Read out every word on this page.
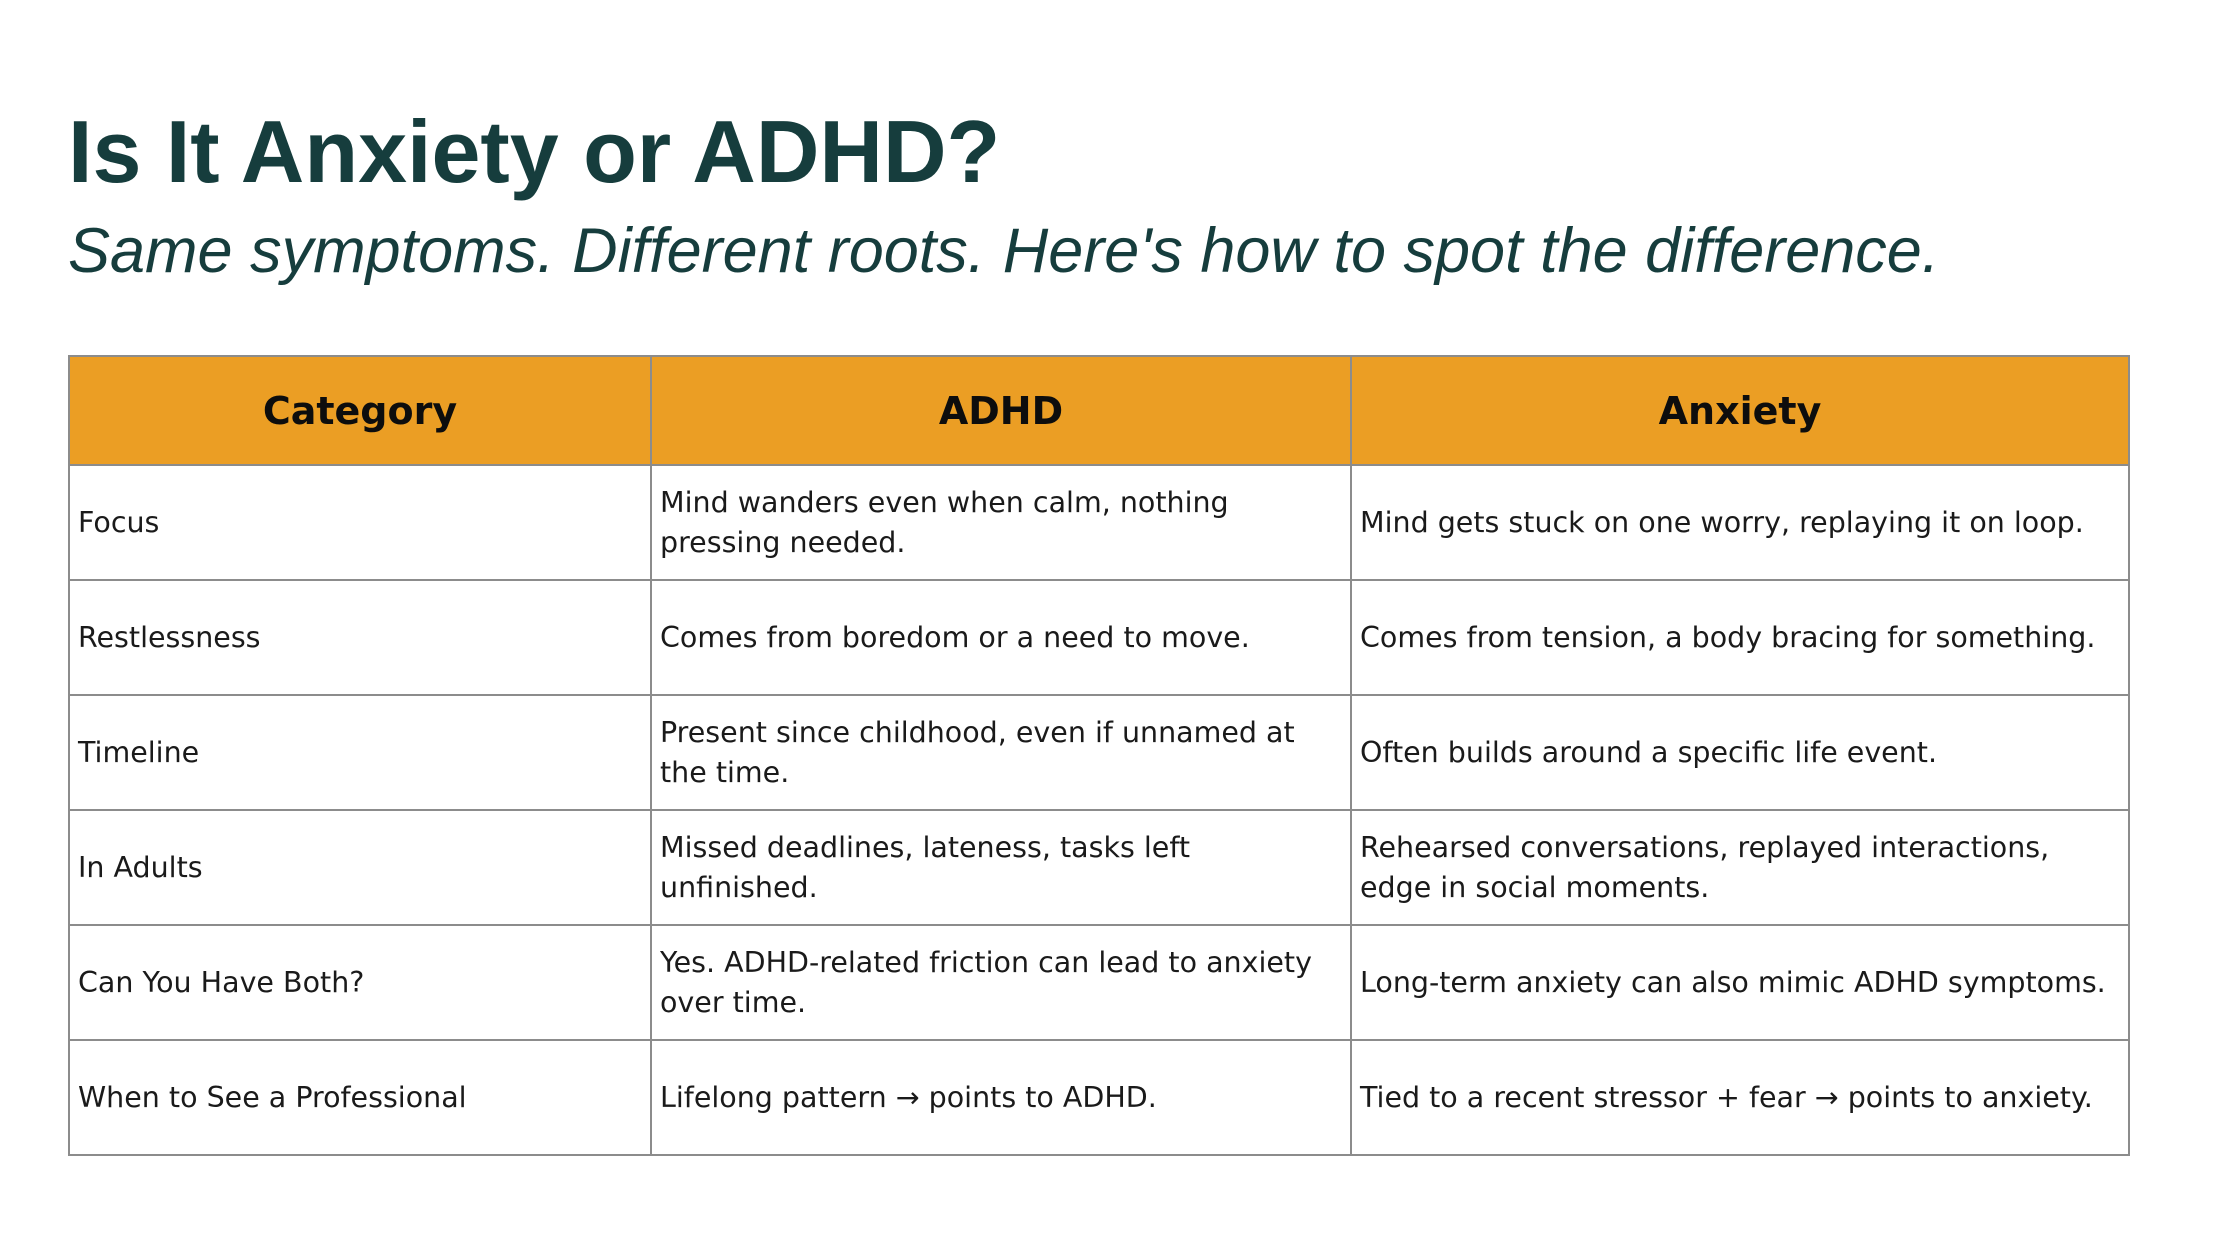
Is It Anxiety or ADHD?

Same symptoms. Different roots. Here's how to spot the difference.

Category	ADHD	Anxiety
Focus	Mind wanders even when calm, nothing pressing needed.	Mind gets stuck on one worry, replaying it on loop.
Restlessness	Comes from boredom or a need to move.	Comes from tension, a body bracing for something.
Timeline	Present since childhood, even if unnamed at the time.	Often builds around a specific life event.
In Adults	Missed deadlines, lateness, tasks left unfinished.	Rehearsed conversations, replayed interactions, edge in social moments.
Can You Have Both?	Yes. ADHD-related friction can lead to anxiety over time.	Long-term anxiety can also mimic ADHD symptoms.
When to See a Professional	Lifelong pattern → points to ADHD.	Tied to a recent stressor + fear → points to anxiety.
